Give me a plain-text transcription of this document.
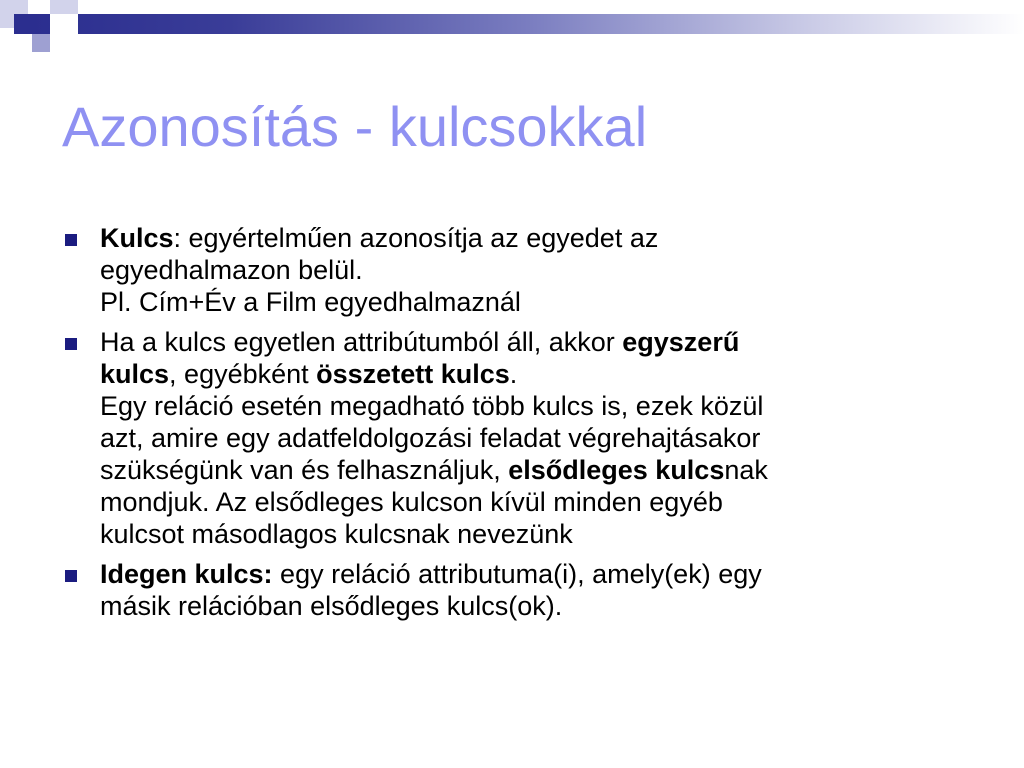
Azonosítás - kulcsokkal
Kulcs: egyértelműen azonosítja az egyedet az
egyedhalmazon belül.
Pl. Cím+Év a Film egyedhalmaznál
Ha a kulcs egyetlen attribútumból áll, akkor egyszerű
kulcs, egyébként összetett kulcs.
Egy reláció esetén megadható több kulcs is, ezek közül
azt, amire egy adatfeldolgozási feladat végrehajtásakor
szükségünk van és felhasználjuk, elsődleges kulcsnak
mondjuk. Az elsődleges kulcson kívül minden egyéb
kulcsot másodlagos kulcsnak nevezünk
Idegen kulcs: egy reláció attributuma(i), amely(ek) egy
másik relációban elsődleges kulcs(ok).
